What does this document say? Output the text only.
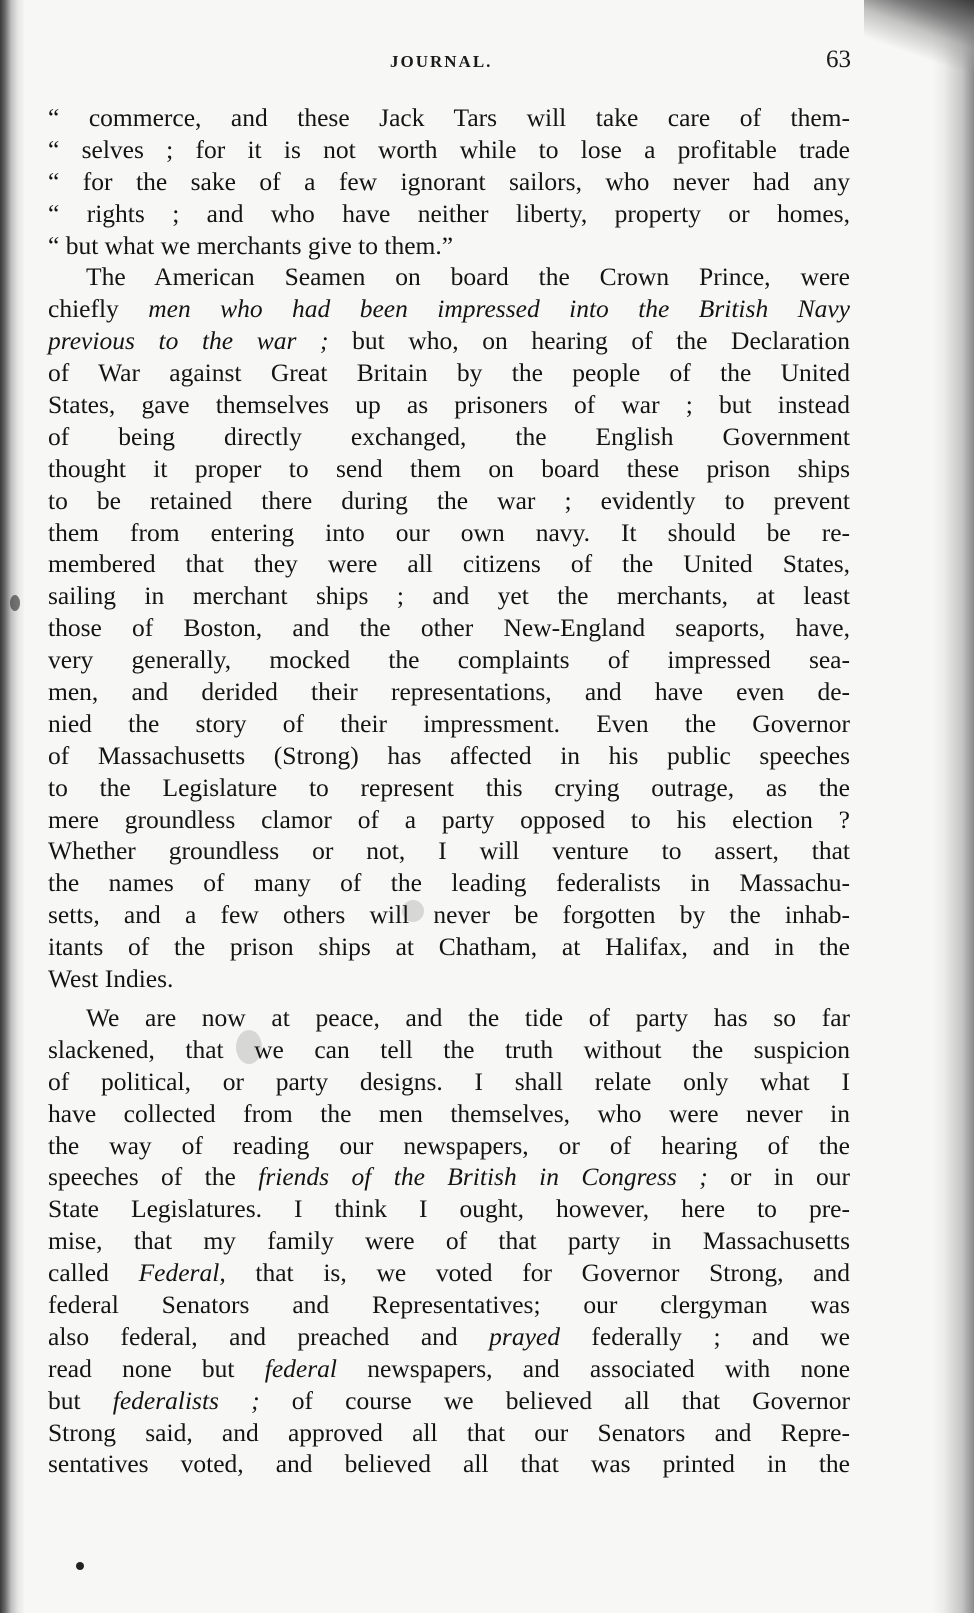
JOURNAL.	63
“ commerce, and these Jack Tars will take care of them-
“ selves ; for it is not worth while to lose a profitable trade
“ for the sake of a few ignorant sailors, who never had any
“ rights ; and who have neither liberty, property or homes,
“ but what we merchants give to them.”
The American Seamen on board the Crown Prince, were
chiefly men who had been impressed into the British Navy
previous to the war ; but who, on hearing of the Declaration
of War against Great Britain by the people of the United
States, gave themselves up as prisoners of war ; but instead
of being directly exchanged, the English Government
thought it proper to send them on board these prison ships
to be retained there during the war ; evidently to prevent
them from entering into our own navy. It should be re-
membered that they were all citizens of the United States,
sailing in merchant ships ; and yet the merchants, at least
those of Boston, and the other New-England seaports, have,
very generally, mocked the complaints of impressed sea-
men, and derided their representations, and have even de-
nied the story of their impressment. Even the Governor
of Massachusetts (Strong) has affected in his public speeches
to the Legislature to represent this crying outrage, as the
mere groundless clamor of a party opposed to his election ?
Whether groundless or not, I will venture to assert, that
the names of many of the leading federalists in Massachu-
setts, and a few others will never be forgotten by the inhab-
itants of the prison ships at Chatham, at Halifax, and in the
West Indies.
We are now at peace, and the tide of party has so far
slackened, that we can tell the truth without the suspicion
of political, or party designs. I shall relate only what I
have collected from the men themselves, who were never in
the way of reading our newspapers, or of hearing of the
speeches of the friends of the British in Congress ; or in our
State Legislatures. I think I ought, however, here to pre-
mise, that my family were of that party in Massachusetts
called Federal, that is, we voted for Governor Strong, and
federal Senators and Representatives; our clergyman was
also federal, and preached and prayed federally ; and we
read none but federal newspapers, and associated with none
but federalists ; of course we believed all that Governor
Strong said, and approved all that our Senators and Repre-
sentatives voted, and believed all that was printed in the
